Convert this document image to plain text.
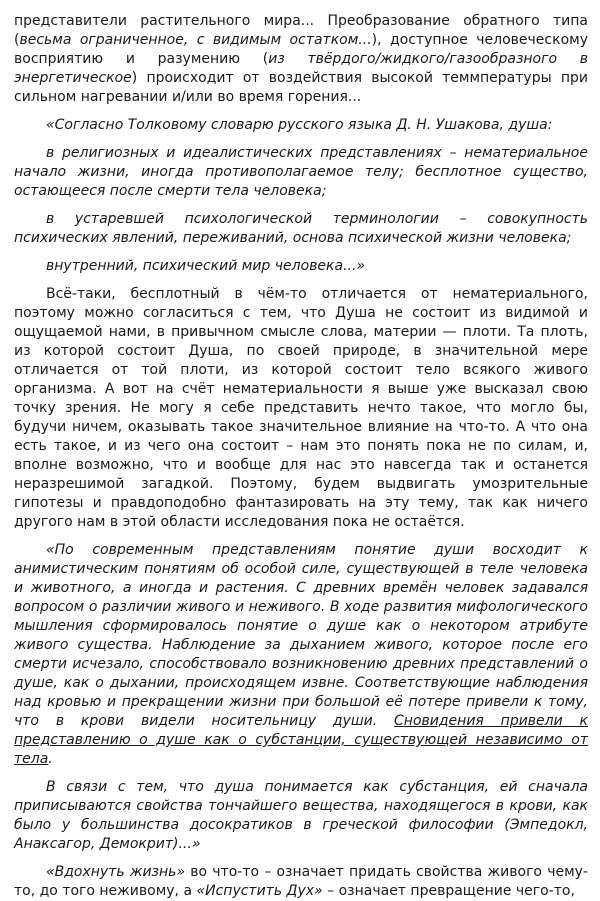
представители растительного мира... Преобразование обратного типа (весьма ограниченное, с видимым остатком...), доступное человеческому восприятию и разумению (из твёрдого/жидкого/газообразного в энергетическое) происходит от воздействия высокой теммпературы при сильном нагревании и/или во время горения...

«Согласно Толковому словарю русского языка Д. Н. Ушакова, душа:

в религиозных и идеалистических представлениях – нематериальное начало жизни, иногда противополагаемое телу; бесплотное существо, остающееся после смерти тела человека;

в устаревшей психологической терминологии – совокупность психических явлений, переживаний, основа психической жизни человека;

внутренний, психический мир человека...»

Всё-таки, бесплотный в чём-то отличается от нематериального, поэтому можно согласиться с тем, что Душа не состоит из видимой и ощущаемой нами, в привычном смысле слова, материи — плоти. Та плоть, из которой состоит Душа, по своей природе, в значительной мере отличается от той плоти, из которой состоит тело всякого живого организма. А вот на счёт нематериальности я выше уже высказал свою точку зрения. Не могу я себе представить нечто такое, что могло бы, будучи ничем, оказывать такое значительное влияние на что-то. А что она есть такое, и из чего она состоит – нам это понять пока не по силам, и, вполне возможно, что и вообще для нас это навсегда так и останется неразрешимой загадкой. Поэтому, будем выдвигать умозрительные гипотезы и правдоподобно фантазировать на эту тему, так как ничего другого нам в этой области исследования пока не остаётся.

«По современным представлениям понятие души восходит к анимистическим понятиям об особой силе, существующей в теле человека и животного, а иногда и растения. С древних времён человек задавался вопросом о различии живого и неживого. В ходе развития мифологического мышления сформировалось понятие о душе как о некотором атрибуте живого существа. Наблюдение за дыханием живого, которое после его смерти исчезало, способствовало возникновению древних представлений о душе, как о дыхании, происходящем извне. Соответствующие наблюдения над кровью и прекращении жизни при большой её потере привели к тому, что в крови видели носительницу души. Сновидения привели к представлению о душе как о субстанции, существующей независимо от тела.

В связи с тем, что душа понимается как субстанция, ей сначала приписываются свойства тончайшего вещества, находящегося в крови, как было у большинства досократиков в греческой философии (Эмпедокл, Анаксагор, Демокрит)...»

«Вдохнуть жизнь» во что-то – означает придать свойства живого чему-то, до того неживому, а «Испустить Дух» – означает превращение чего-то,
